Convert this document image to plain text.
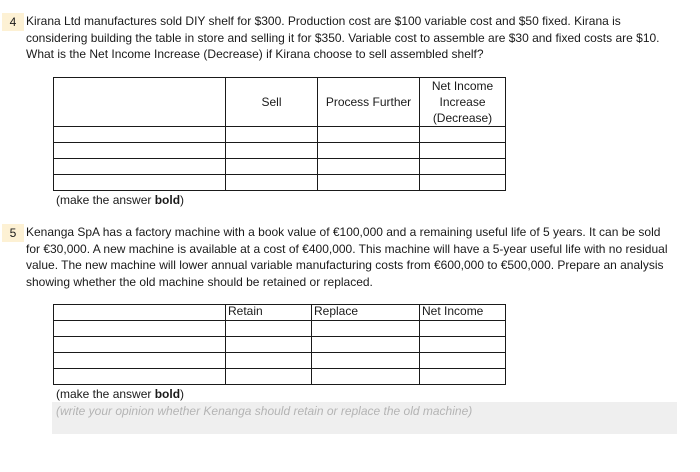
4 Kirana Ltd manufactures sold DIY shelf for $300. Production cost are $100 variable cost and $50 fixed. Kirana is considering building the table in store and selling it for $350. Variable cost to assemble are $30 and fixed costs are $10. What is the Net Income Increase (Decrease) if Kirana choose to sell assembled shelf?
	Sell	Process Further	Net Income Increase (Decrease)

(make the answer bold)
5 Kenanga SpA has a factory machine with a book value of €100,000 and a remaining useful life of 5 years. It can be sold for €30,000. A new machine is available at a cost of €400,000. This machine will have a 5-year useful life with no residual value. The new machine will lower annual variable manufacturing costs from €600,000 to €500,000. Prepare an analysis showing whether the old machine should be retained or replaced.
	Retain	Replace	Net Income

(make the answer bold)
(write your opinion whether Kenanga should retain or replace the old machine)
